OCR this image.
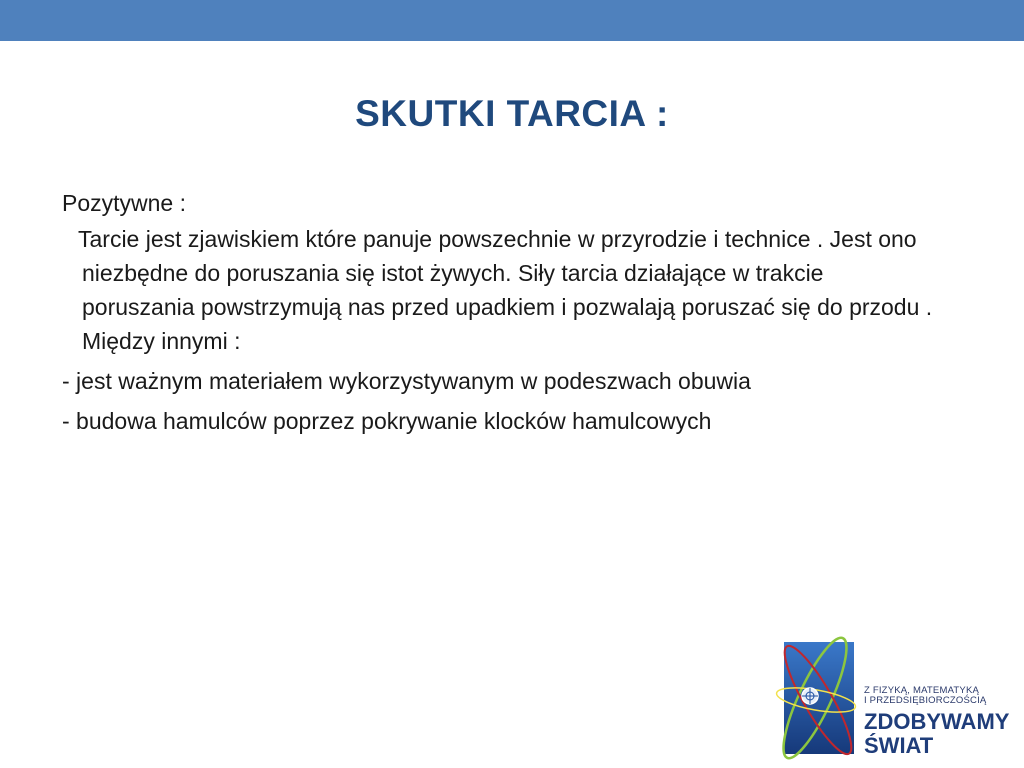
SKUTKI TARCIA :

Pozytywne :

Tarcie jest zjawiskiem które panuje powszechnie w przyrodzie i technice . Jest ono niezbędne do poruszania się istot żywych. Siły tarcia działające w trakcie poruszania powstrzymują nas przed upadkiem i pozwalają poruszać się do przodu . Między innymi :

- jest ważnym materiałem wykorzystywanym w podeszwach obuwia

- budowa hamulców poprzez pokrywanie klocków hamulcowych

Z FIZYKĄ, MATEMATYKĄ
I PRZEDSIĘBIORCZOŚCIĄ
ZDOBYWAMY
ŚWIAT
